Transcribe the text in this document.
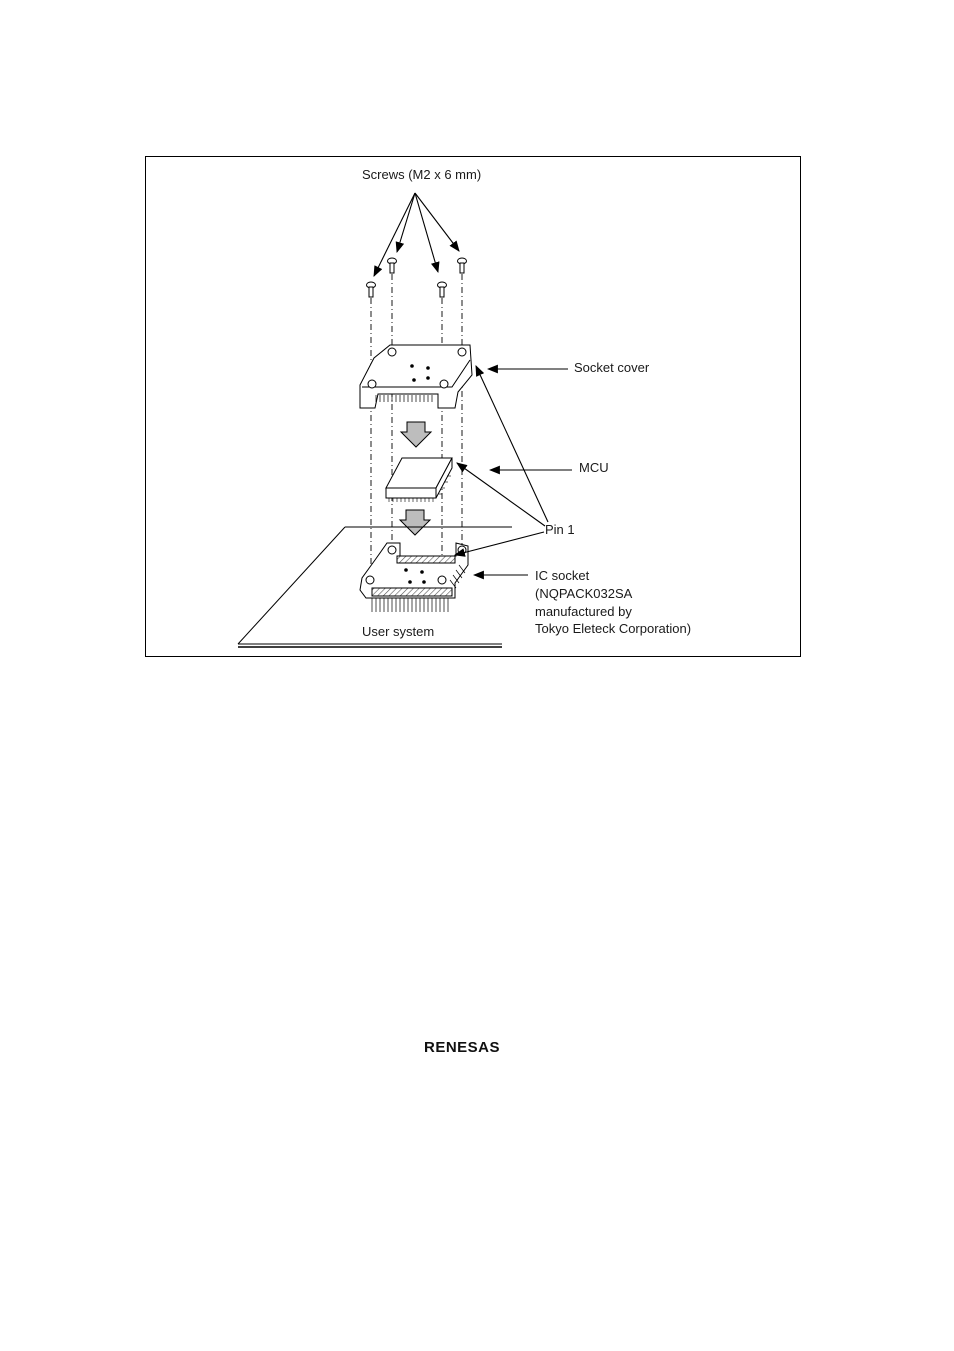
Screws (M2 x 6 mm)
Socket cover
MCU
Pin 1
IC socket
(NQPACK032SA
manufactured by
Tokyo Eleteck Corporation)
User system
RENESAS
